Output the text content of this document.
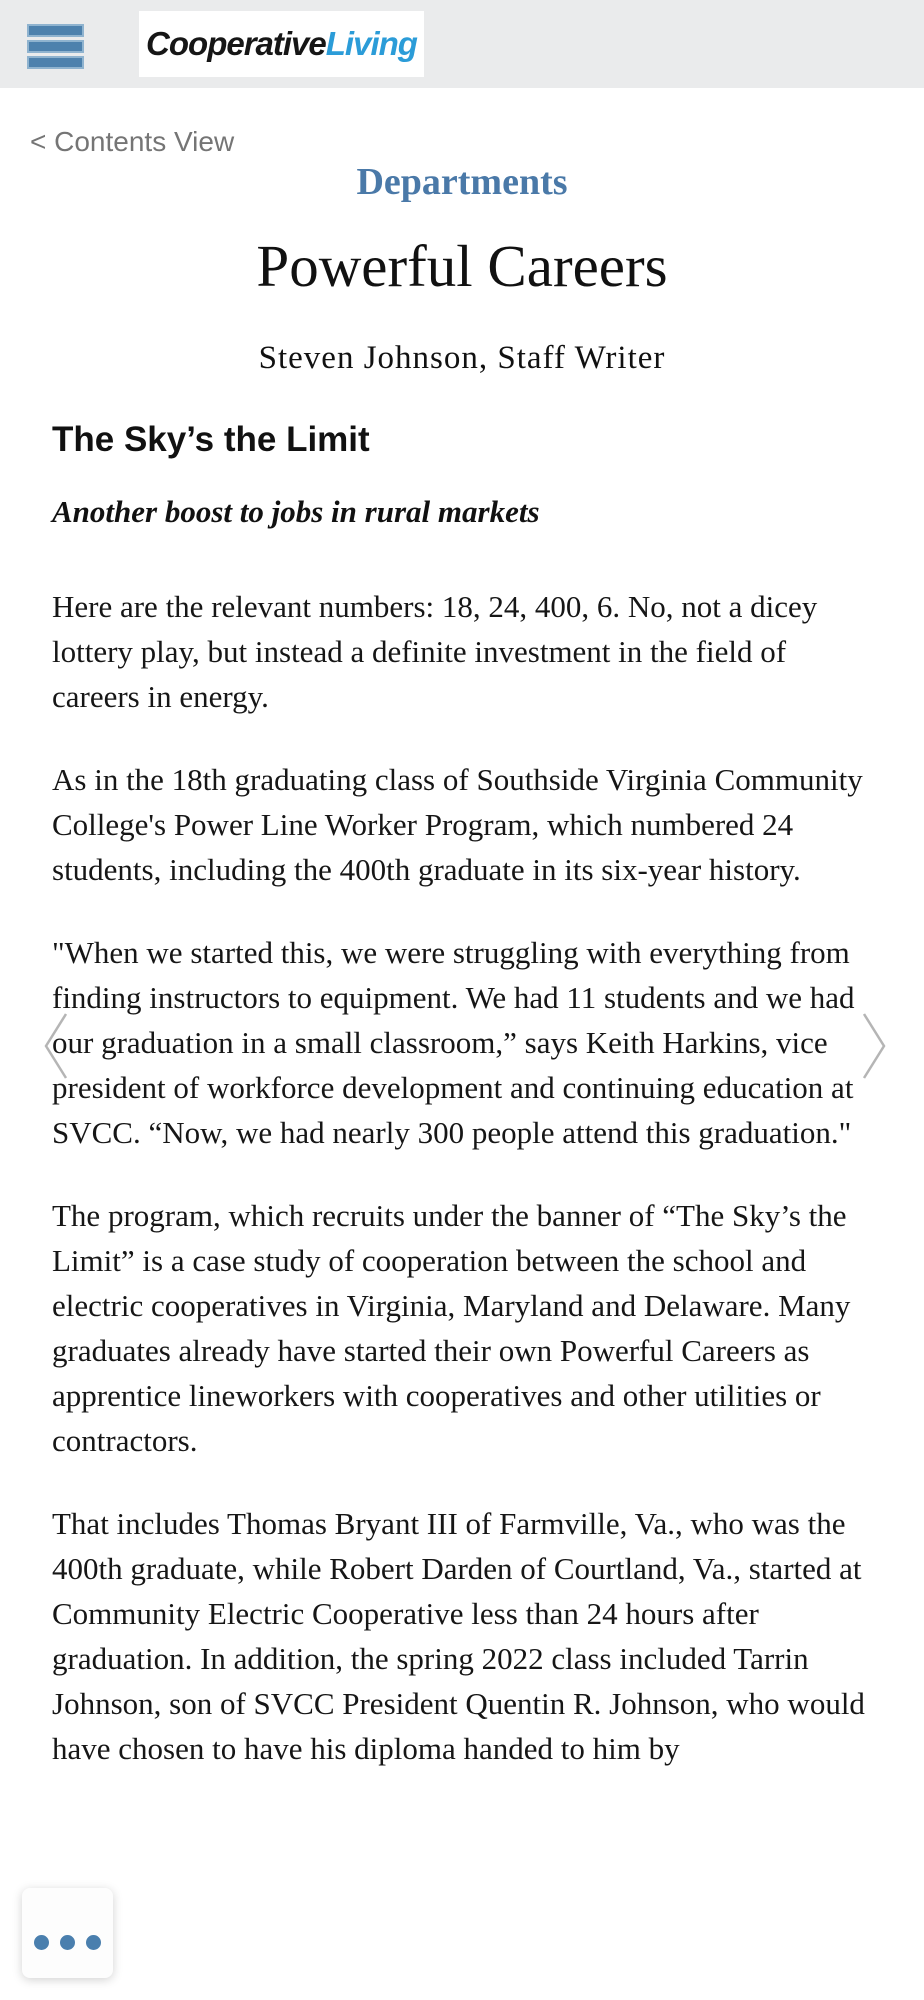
Cooperative Living
< Contents View
Departments
Powerful Careers
Steven Johnson, Staff Writer
The Sky’s the Limit
Another boost to jobs in rural markets

Here are the relevant numbers: 18, 24, 400, 6. No, not a dicey lottery play, but instead a definite investment in the field of careers in energy.

As in the 18th graduating class of Southside Virginia Community College's Power Line Worker Program, which numbered 24 students, including the 400th graduate in its six-year history.

"When we started this, we were struggling with everything from finding instructors to equipment. We had 11 students and we had our graduation in a small classroom,” says Keith Harkins, vice president of workforce development and continuing education at SVCC. “Now, we had nearly 300 people attend this graduation."

The program, which recruits under the banner of “The Sky’s the Limit” is a case study of cooperation between the school and electric cooperatives in Virginia, Maryland and Delaware. Many graduates already have started their own Powerful Careers as apprentice lineworkers with cooperatives and other utilities or contractors.

That includes Thomas Bryant III of Farmville, Va., who was the 400th graduate, while Robert Darden of Courtland, Va., started at Community Electric Cooperative less than 24 hours after graduation. In addition, the spring 2022 class included Tarrin Johnson, son of SVCC President Quentin R. Johnson, who would have chosen to have his diploma handed to him by
